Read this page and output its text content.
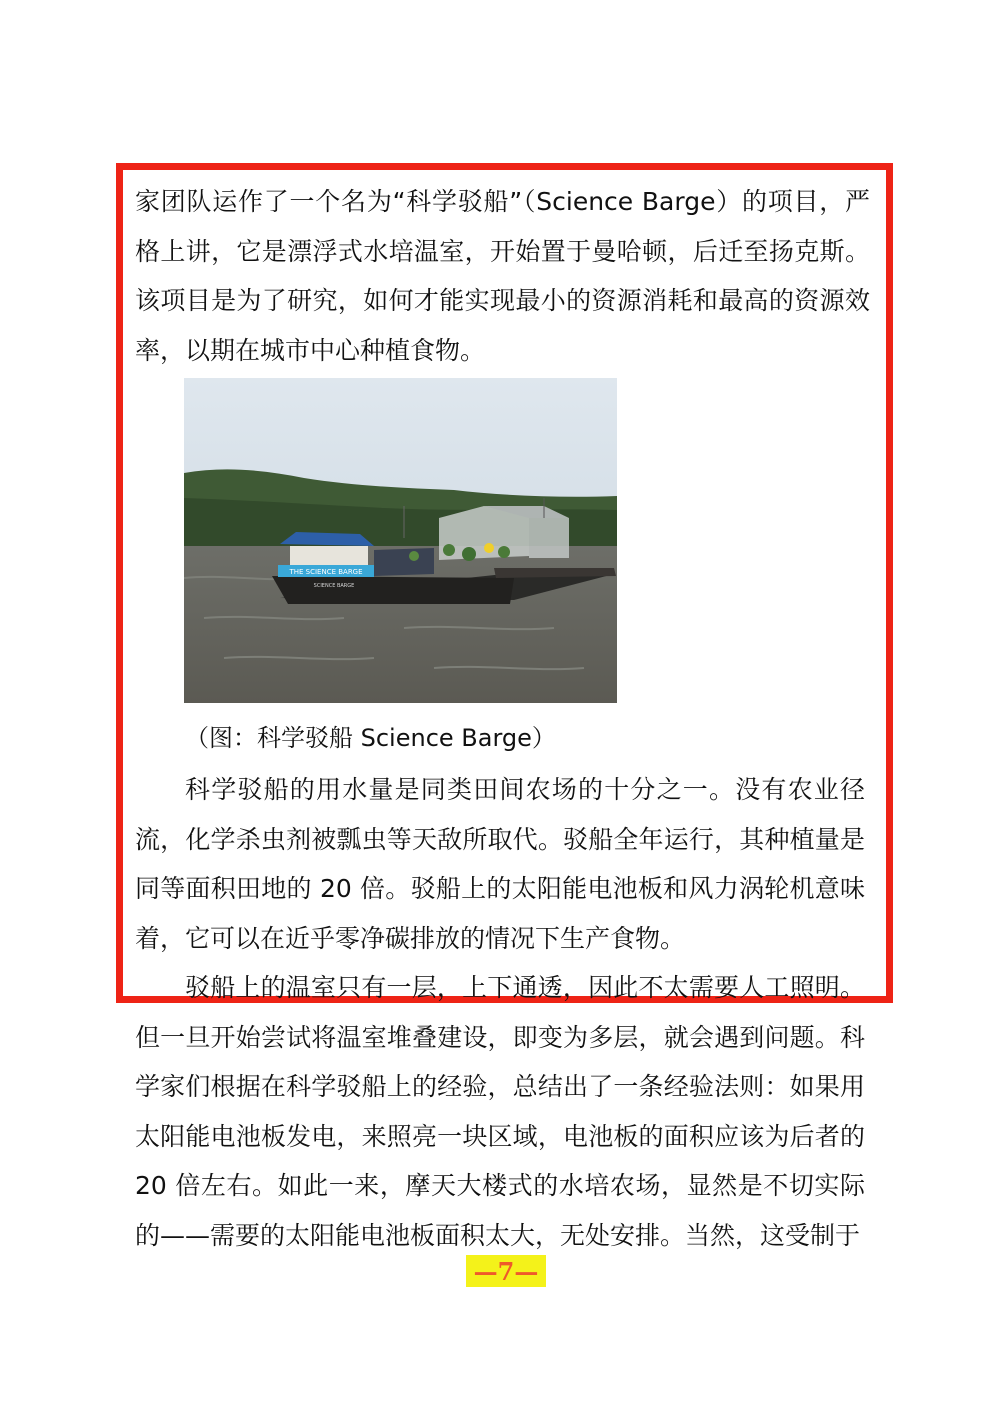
家团队运作了一个名为“科学驳船”（Science Barge）的项目，严格上讲，它是漂浮式水培温室，开始置于曼哈顿，后迁至扬克斯。该项目是为了研究，如何才能实现最小的资源消耗和最高的资源效率，以期在城市中心种植食物。

THE SCIENCE BARGE
SCIENCE BARGE
（图：科学驳船 Science Barge）

科学驳船的用水量是同类田间农场的十分之一。没有农业径流，化学杀虫剂被瓢虫等天敌所取代。驳船全年运行，其种植量是同等面积田地的 20 倍。驳船上的太阳能电池板和风力涡轮机意味着，它可以在近乎零净碳排放的情况下生产食物。

驳船上的温室只有一层，上下通透，因此不太需要人工照明。但一旦开始尝试将温室堆叠建设，即变为多层，就会遇到问题。科学家们根据在科学驳船上的经验，总结出了一条经验法则：如果用太阳能电池板发电，来照亮一块区域，电池板的面积应该为后者的 20 倍左右。如此一来，摩天大楼式的水培农场，显然是不切实际的——需要的太阳能电池板面积太大，无处安排。当然，这受制于

—7—
